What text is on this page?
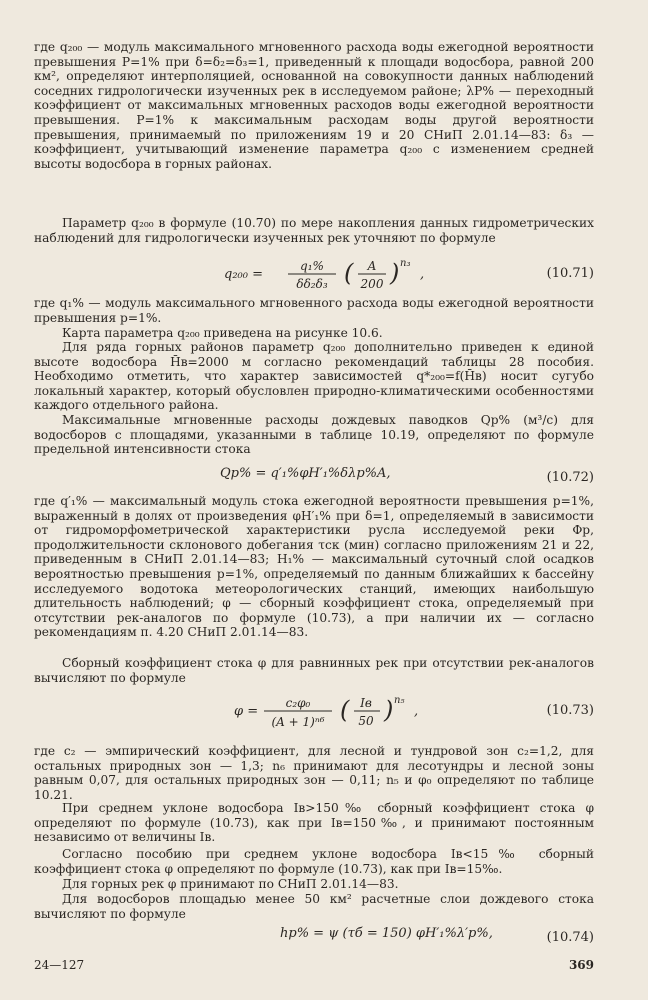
где q₂₀₀ — модуль максимального мгновенного расхода воды ежегодной вероятности превышения P=1% при δ=δ₂=δ₃=1, приведенный к площади водосбора, равной 200 км², определяют интерполяцией, основанной на совокупности данных наблюдений соседних гидрологически изученных рек в исследуемом районе; λP% — переходный коэффициент от максимальных мгновенных расходов воды ежегодной вероятности превышения. P=1% к максимальным расходам воды другой вероятности превышения, принимаемый по приложениям 19 и 20 СНиП 2.01.14—83: δ₃ — коэффициент, учитывающий изменение параметра q₂₀₀ с изменением средней высоты водосбора в горных районах.

Параметр q₂₀₀ в формуле (10.70) по мере накопления данных гидрометрических наблюдений для гидрологически изученных рек уточняют по формуле

q₂₀₀ =
q₁%
δδ₂δ₃ ( A
200 ) n₃
,	(10.71)

где q₁% — модуль максимального мгновенного расхода воды ежегодной вероятности превышения p=1%.

Карта параметра q₂₀₀ приведена на рисунке 10.6.

Для ряда горных районов параметр q₂₀₀ дополнительно приведен к единой высоте водосбора H̄в=2000 м согласно рекомендаций таблицы 28 пособия. Необходимо отметить, что характер зависимостей q*₂₀₀=f(H̄в) носит сугубо локальный характер, который обусловлен природно-климатическими особенностями каждого отдельного района.

Максимальные мгновенные расходы дождевых паводков Qp% (м³/с) для водосборов с площадями, указанными в таблице 10.19, определяют по формуле предельной интенсивности стока

Qp% = q′₁%φH′₁%δλp%A,	(10.72)

где q′₁% — максимальный модуль стока ежегодной вероятности превышения p=1%, выраженный в долях от произведения φH′₁% при δ=1, определяемый в зависимости от гидроморфометрической характеристики русла исследуемой реки Φр, продолжительности склонового добегания τск (мин) согласно приложениям 21 и 22, приведенным в СНиП 2.01.14—83; H₁% — максимальный суточный слой осадков вероятностью превышения p=1%, определяемый по данным ближайших к бассейну исследуемого водотока метеорологических станций, имеющих наибольшую длительность наблюдений; φ — сборный коэффициент стока, определяемый при отсутствии рек-аналогов по формуле (10.73), а при наличии их — согласно рекомендациям п. 4.20 СНиП 2.01.14—83.

Сборный коэффициент стока φ для равнинных рек при отсутствии рек-аналогов вычисляют по формуле

φ =
c₂φ₀
(A + 1)ⁿ⁶ ( Iв
50 ) n₅
,	(10.73)

где c₂ — эмпирический коэффициент, для лесной и тундровой зон c₂=1,2, для остальных природных зон — 1,3; n₆ принимают для лесотундры и лесной зоны равным 0,07, для остальных природных зон — 0,11; n₅ и φ₀ определяют по таблице 10.21.

При среднем уклоне водосбора Iв>150‰ сборный коэффициент стока φ определяют по формуле (10.73), как при Iв=150‰, и принимают постоянным независимо от величины Iв.

Согласно пособию при среднем уклоне водосбора Iв<15‰ сборный коэффициент стока φ определяют по формуле (10.73), как при Iв=15‰.

Для горных рек φ принимают по СНиП 2.01.14—83.

Для водосборов площадью менее 50 км² расчетные слои дождевого стока вычисляют по формуле

hp% = ψ (τб = 150) φH′₁%λ′p%,	(10.74)
24—127	369
